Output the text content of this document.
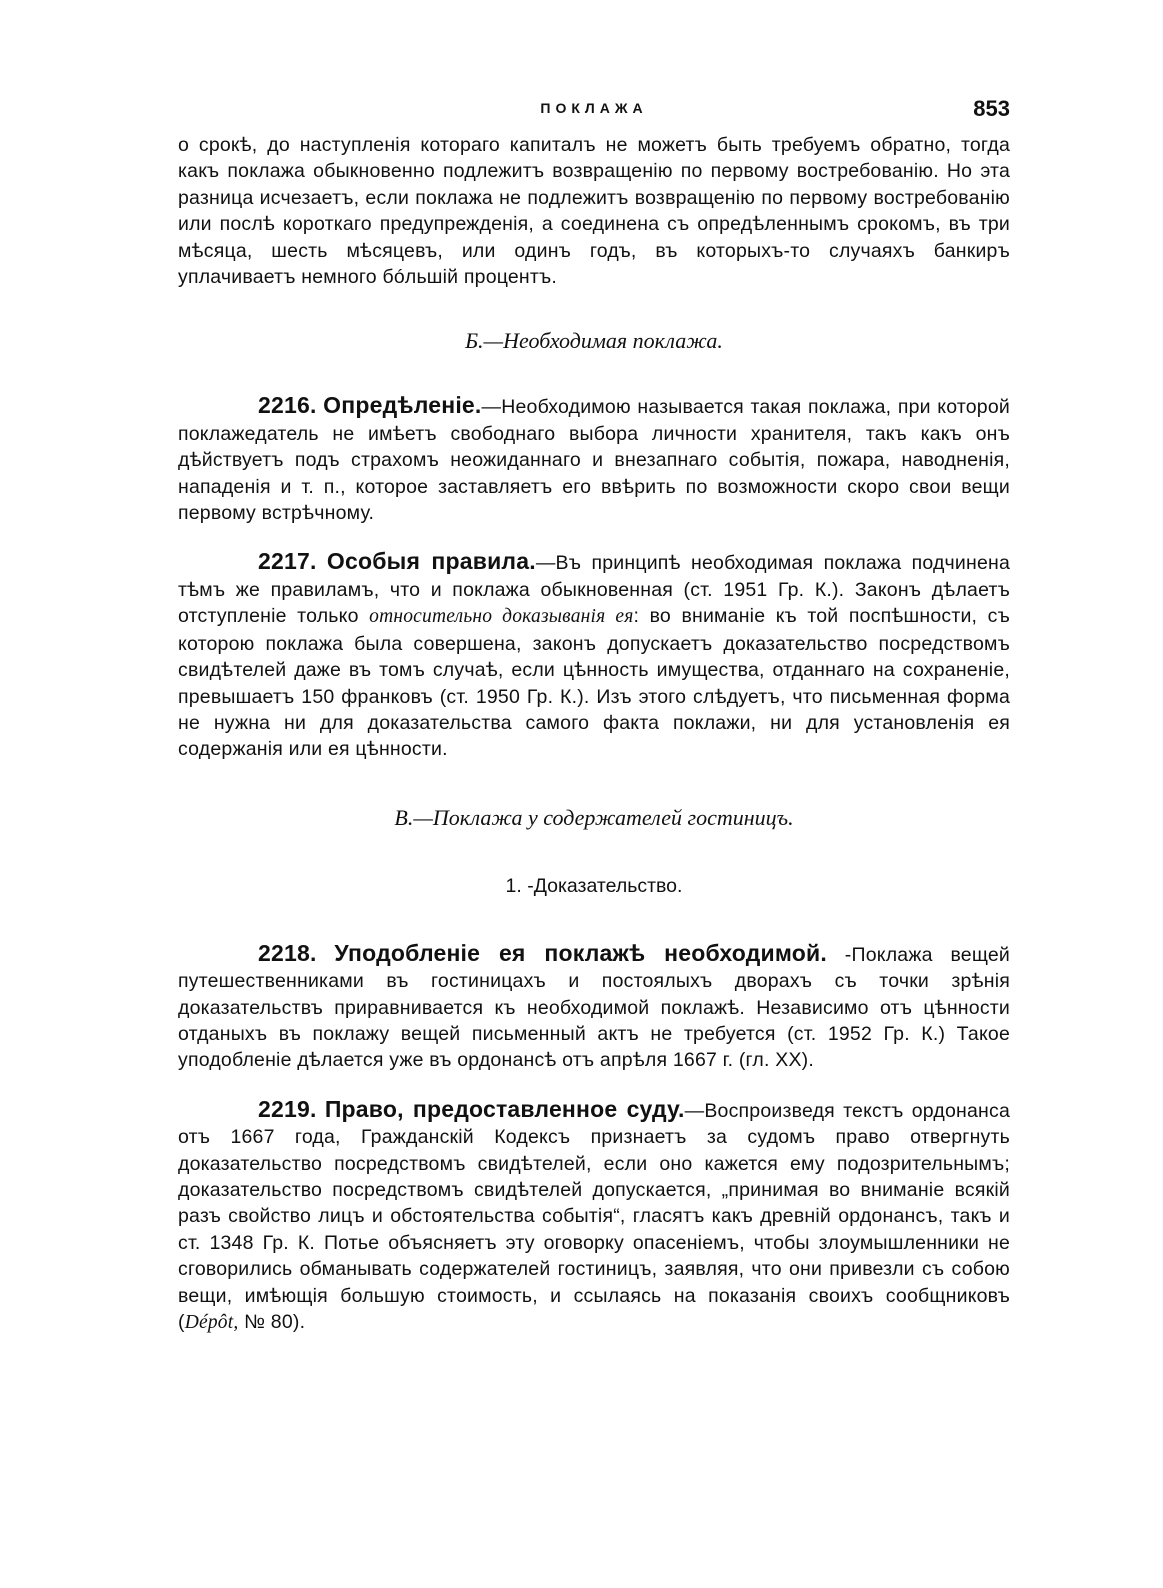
ПОКЛАЖА	853

о срокѣ, до наступленія котораго капиталъ не можетъ быть требуемъ обратно, тогда какъ поклажа обыкновенно подлежитъ возвращенію по первому востребованію. Но эта разница исчезаетъ, если поклажа не подлежитъ возвращенію по первому востребованію или послѣ короткаго предупрежденія, а соединена съ опредѣленнымъ срокомъ, въ три мѣсяца, шесть мѣсяцевъ, или одинъ годъ, въ которыхъ-то случаяхъ банкиръ уплачиваетъ немного бóльшій процентъ.

Б.—Необходимая поклажа.

2216. Опредѣленіе.—Необходимою называется такая поклажа, при которой поклажедатель не имѣетъ свободнаго выбора личности хранителя, такъ какъ онъ дѣйствуетъ подъ страхомъ неожиданнаго и внезапнаго событія, пожара, наводненія, нападенія и т. п., которое заставляетъ его ввѣрить по возможности скоро свои вещи первому встрѣчному.

2217. Особыя правила.—Въ принципѣ необходимая поклажа подчинена тѣмъ же правиламъ, что и поклажа обыкновенная (ст. 1951 Гр. К.). Законъ дѣлаетъ отступленіе только относительно доказыванія ея: во вниманіе къ той поспѣшности, съ которою поклажа была совершена, законъ допускаетъ доказательство посредствомъ свидѣтелей даже въ томъ случаѣ, если цѣнность имущества, отданнаго на сохраненіе, превышаетъ 150 франковъ (ст. 1950 Гр. К.). Изъ этого слѣдуетъ, что письменная форма не нужна ни для доказательства самого факта поклажи, ни для установленія ея содержанія или ея цѣнности.

В.—Поклажа у содержателей гостиницъ.
1. -Доказательство.

2218. Уподобленіе ея поклажѣ необходимой. -Поклажа вещей путешественниками въ гостиницахъ и постоялыхъ дворахъ съ точки зрѣнія доказательствъ приравнивается къ необходимой поклажѣ. Независимо отъ цѣнности отданыхъ въ поклажу вещей письменный актъ не требуется (ст. 1952 Гр. К.) Такое уподобленіе дѣлается уже въ ордонансѣ отъ апрѣля 1667 г. (гл. XX).

2219. Право, предоставленное суду.—Воспроизведя текстъ ордонанса отъ 1667 года, Гражданскій Кодексъ признаетъ за судомъ право отвергнуть доказательство посредствомъ свидѣтелей, если оно кажется ему подозрительнымъ; доказательство посредствомъ свидѣтелей допускается, „принимая во вниманіе всякій разъ свойство лицъ и обстоятельства событія“, гласятъ какъ древній ордонансъ, такъ и ст. 1348 Гр. К. Потье объясняетъ эту оговорку опасеніемъ, чтобы злоумышленники не сговорились обманывать содержателей гостиницъ, заявляя, что они привезли съ собою вещи, имѣющія большую стоимость, и ссылаясь на показанія своихъ сообщниковъ (Dépôt, № 80).
